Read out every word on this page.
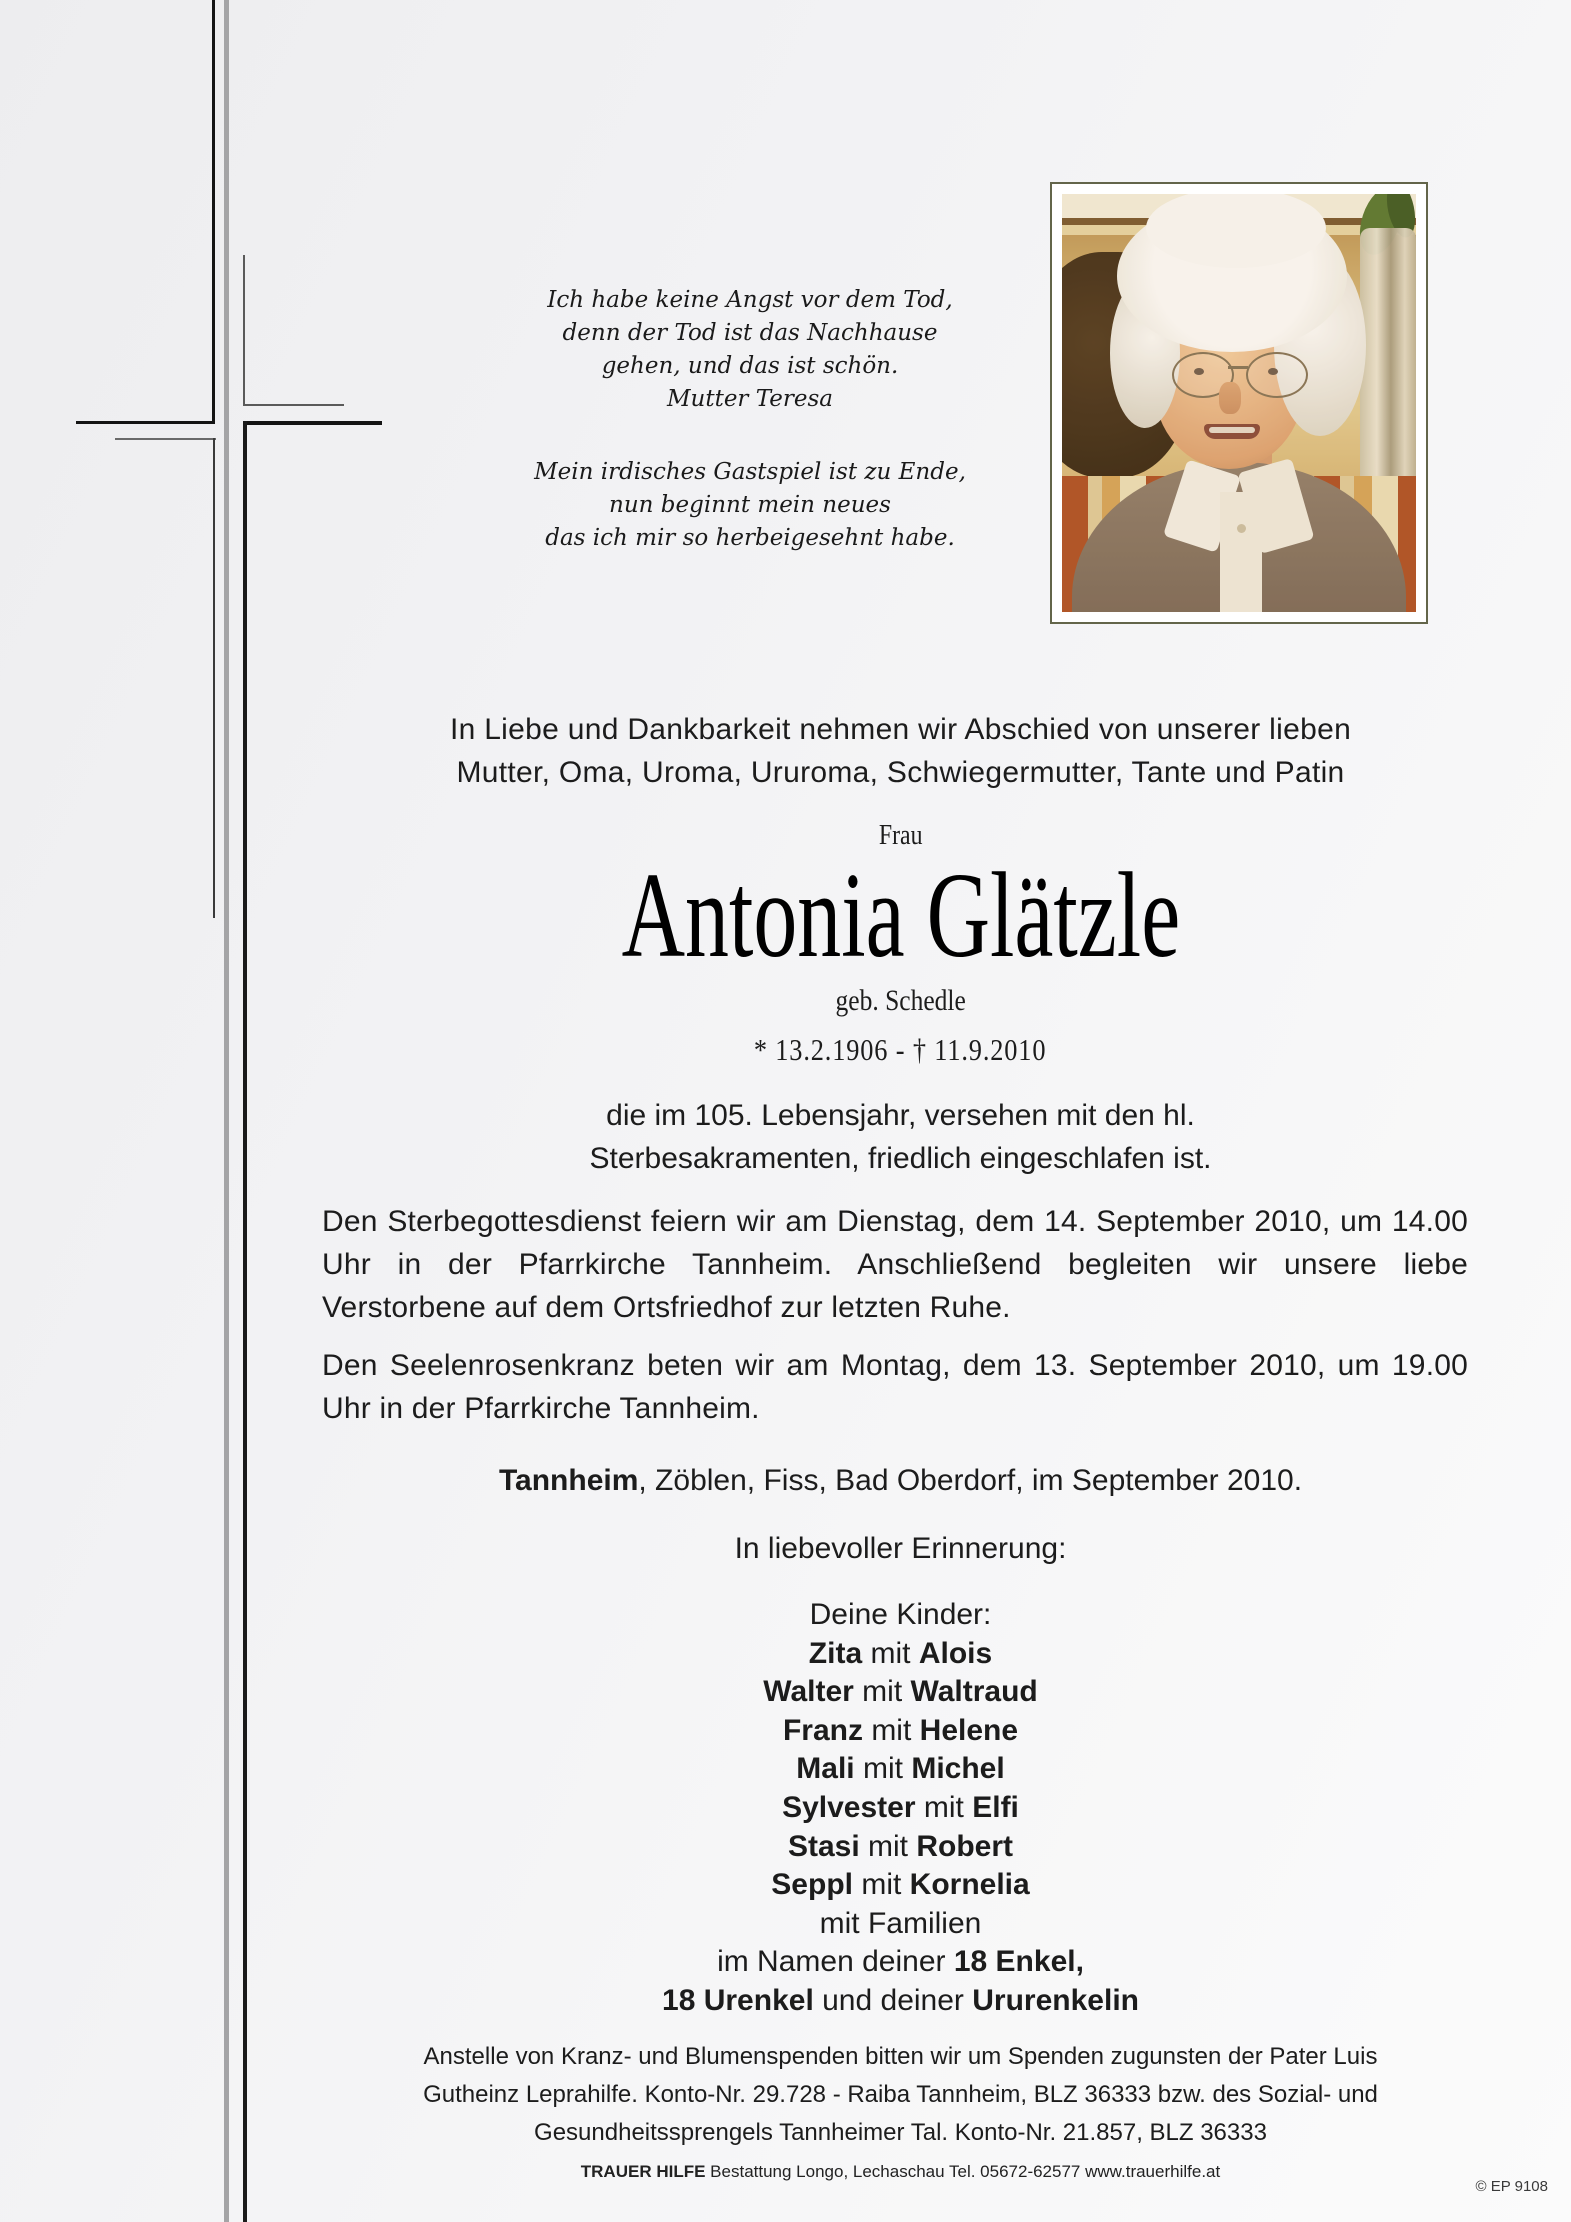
Ich habe keine Angst vor dem Tod,
denn der Tod ist das Nachhause
gehen, und das ist schön.
Mutter Teresa
Mein irdisches Gastspiel ist zu Ende,
nun beginnt mein neues
das ich mir so herbeigesehnt habe.
In Liebe und Dankbarkeit nehmen wir Abschied von unserer lieben
Mutter, Oma, Uroma, Ururoma, Schwiegermutter, Tante und Patin
Frau
Antonia Glätzle
geb. Schedle
* 13.2.1906 - † 11.9.2010
die im 105. Lebensjahr, versehen mit den hl.
Sterbesakramenten, friedlich eingeschlafen ist.
Den Sterbegottesdienst feiern wir am Dienstag, dem 14. September 2010, um 14.00 Uhr in der Pfarrkirche Tannheim. Anschließend begleiten wir unsere liebe Verstorbene auf dem Ortsfriedhof zur letzten Ruhe.
Den Seelenrosenkranz beten wir am Montag, dem 13. September 2010, um 19.00 Uhr in der Pfarrkirche Tannheim.
Tannheim, Zöblen, Fiss, Bad Oberdorf, im September 2010.
In liebevoller Erinnerung:
Deine Kinder:
Zita mit Alois
Walter mit Waltraud
Franz mit Helene
Mali mit Michel
Sylvester mit Elfi
Stasi mit Robert
Seppl mit Kornelia
mit Familien
im Namen deiner 18 Enkel,
18 Urenkel und deiner Ururenkelin
Anstelle von Kranz- und Blumenspenden bitten wir um Spenden zugunsten der Pater Luis
Gutheinz Leprahilfe. Konto-Nr. 29.728 - Raiba Tannheim, BLZ 36333 bzw. des Sozial- und
Gesundheitssprengels Tannheimer Tal. Konto-Nr. 21.857, BLZ 36333
TRAUER HILFE Bestattung Longo, Lechaschau Tel. 05672-62577 www.trauerhilfe.at
© EP 9108
